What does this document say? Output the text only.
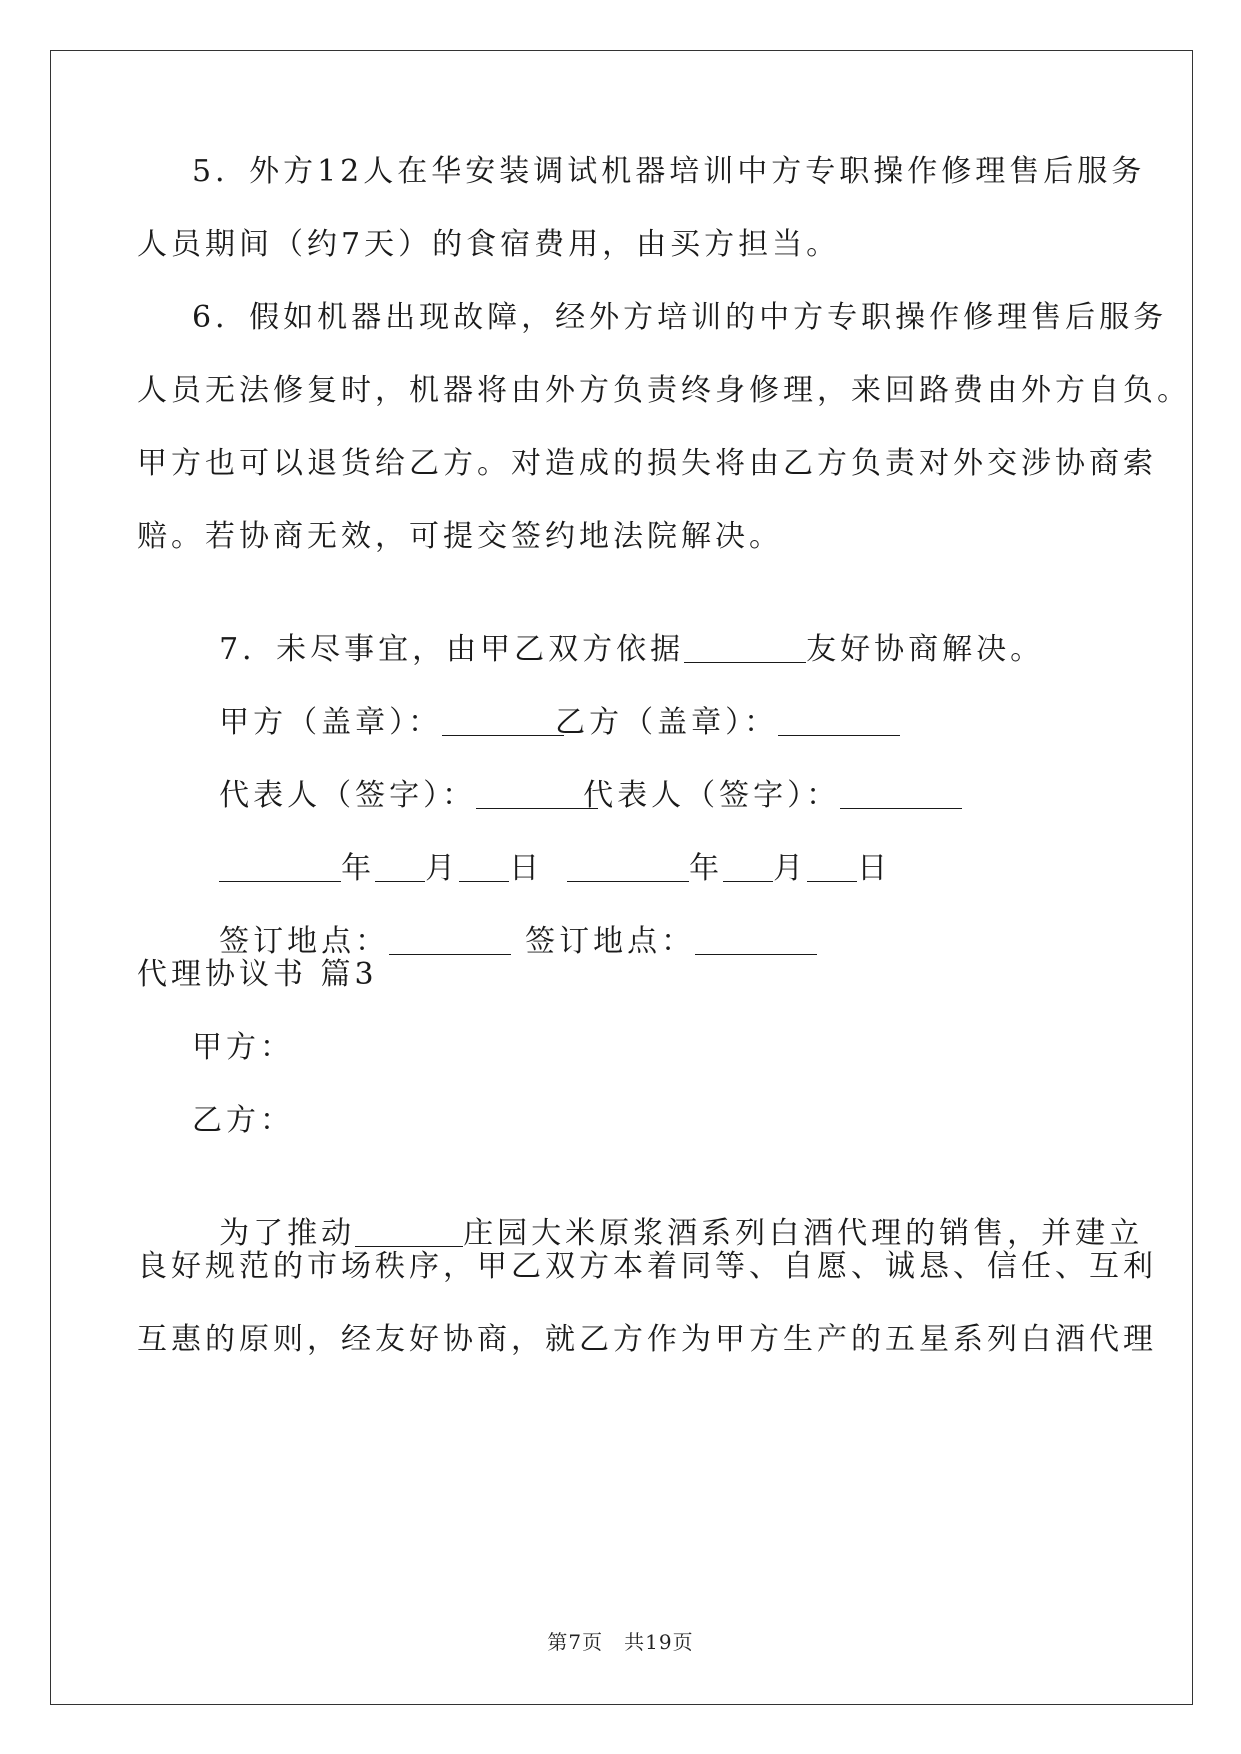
5．外方12人在华安装调试机器培训中方专职操作修理售后服务
人员期间（约7天）的食宿费用，由买方担当。
6．假如机器出现故障，经外方培训的中方专职操作修理售后服务
人员无法修复时，机器将由外方负责终身修理，来回路费由外方自负。
甲方也可以退货给乙方。对造成的损失将由乙方负责对外交涉协商索
赔。若协商无效，可提交签约地法院解决。

7．未尽事宜，由甲乙双方依据	友好协商解决。

甲方（盖章）：	乙方（盖章）：

代表人（签字）：	代表人（签字）：

年 月 日	年 月 日

签订地点：	签订地点：

代理协议书 篇3
甲方：
乙方：

为了推动	庄园大米原浆酒系列白酒代理的销售，并建立

良好规范的市场秩序，甲乙双方本着同等、自愿、诚恳、信任、互利
互惠的原则，经友好协商，就乙方作为甲方生产的五星系列白酒代理
第7页　共19页
